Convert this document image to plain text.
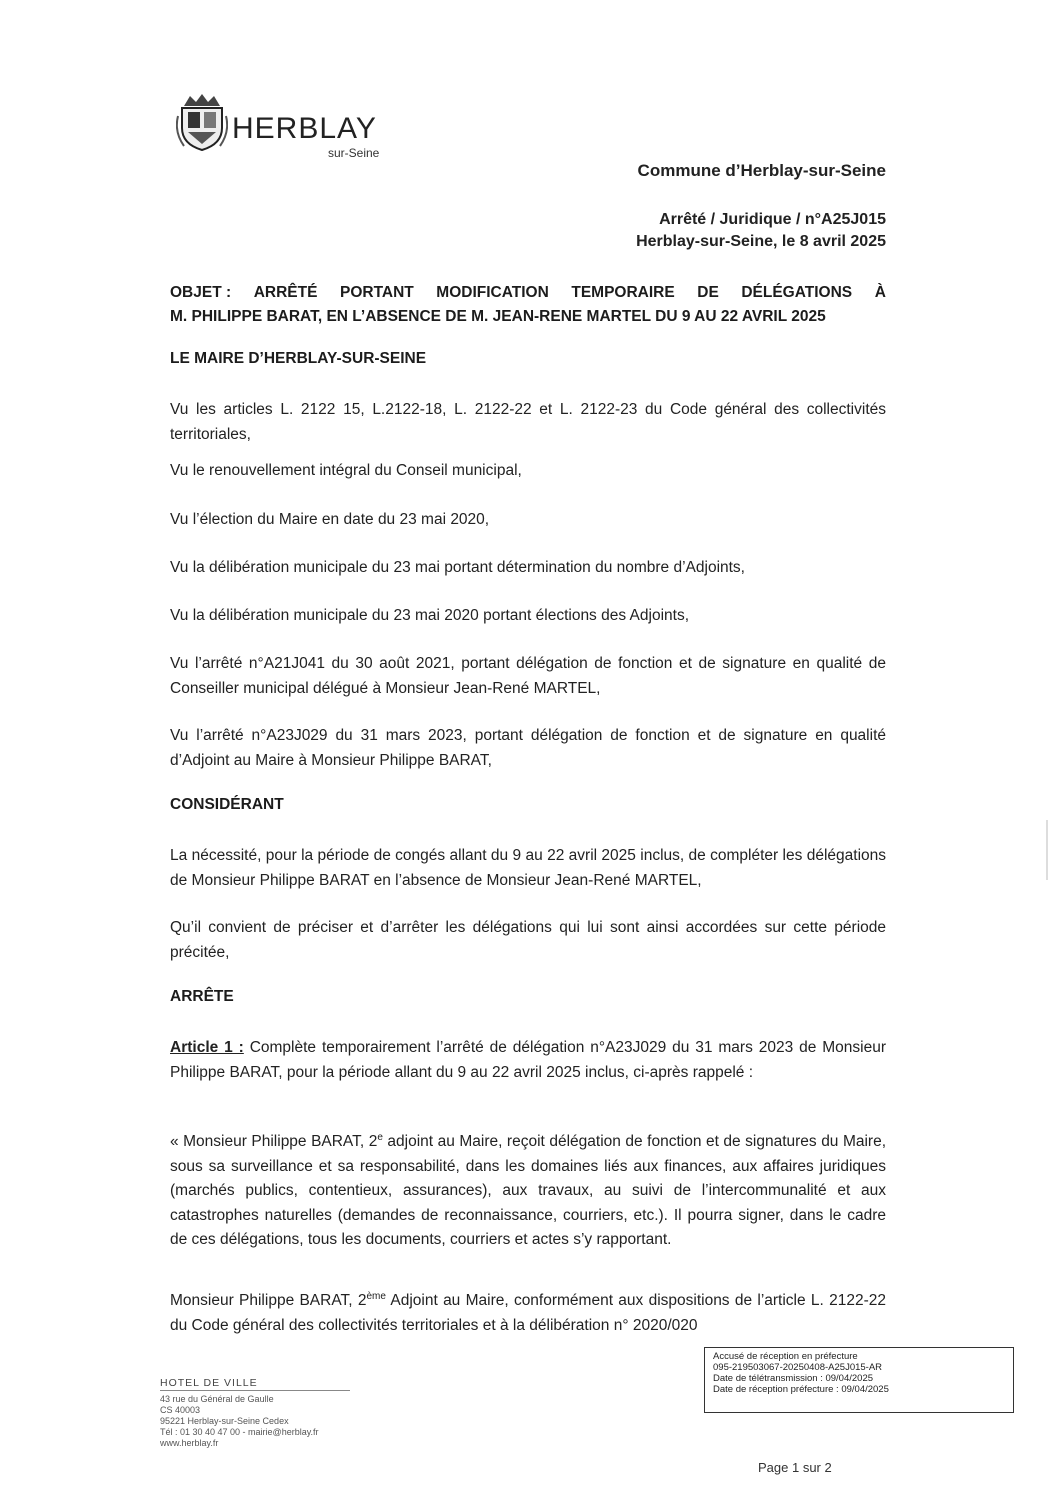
HERBLAY
sur-Seine
Commune d’Herblay-sur-Seine
Arrêté / Juridique / n°A25J015
Herblay-sur-Seine, le 8 avril 2025
OBJET : ARRÊTÉ PORTANT MODIFICATION TEMPORAIRE DE DÉLÉGATIONS À
M. PHILIPPE BARAT, EN L’ABSENCE DE M. JEAN-RENE MARTEL DU 9 AU 22 AVRIL 2025
LE MAIRE D’HERBLAY-SUR-SEINE
Vu les articles L. 2122 15, L.2122-18, L. 2122-22 et L. 2122-23 du Code général des collectivités territoriales,
Vu le renouvellement intégral du Conseil municipal,
Vu l’élection du Maire en date du 23 mai 2020,
Vu la délibération municipale du 23 mai portant détermination du nombre d’Adjoints,
Vu la délibération municipale du 23 mai 2020 portant élections des Adjoints,
Vu l’arrêté n°A21J041 du 30 août 2021, portant délégation de fonction et de signature en qualité de Conseiller municipal délégué à Monsieur Jean-René MARTEL,
Vu l’arrêté n°A23J029 du 31 mars 2023, portant délégation de fonction et de signature en qualité d’Adjoint au Maire à Monsieur Philippe BARAT,
CONSIDÉRANT
La nécessité, pour la période de congés allant du 9 au 22 avril 2025 inclus, de compléter les délégations de Monsieur Philippe BARAT en l’absence de Monsieur Jean-René MARTEL,
Qu’il convient de préciser et d’arrêter les délégations qui lui sont ainsi accordées sur cette période précitée,
ARRÊTE
Article 1 : Complète temporairement l’arrêté de délégation n°A23J029 du 31 mars 2023 de Monsieur Philippe BARAT, pour la période allant du 9 au 22 avril 2025 inclus, ci-après rappelé :
« Monsieur Philippe BARAT, 2e adjoint au Maire, reçoit délégation de fonction et de signatures du Maire, sous sa surveillance et sa responsabilité, dans les domaines liés aux finances, aux affaires juridiques (marchés publics, contentieux, assurances), aux travaux, au suivi de l’intercommunalité et aux catastrophes naturelles (demandes de reconnaissance, courriers, etc.). Il pourra signer, dans le cadre de ces délégations, tous les documents, courriers et actes s’y rapportant.
Monsieur Philippe BARAT, 2ème Adjoint au Maire, conformément aux dispositions de l’article L. 2122-22 du Code général des collectivités territoriales et à la délibération n° 2020/020
HOTEL DE VILLE
43 rue du Général de Gaulle
CS 40003
95221 Herblay-sur-Seine Cedex
Tél : 01 30 40 47 00 - mairie@herblay.fr
www.herblay.fr
Accusé de réception en préfecture
095-219503067-20250408-A25J015-AR
Date de télétransmission : 09/04/2025
Date de réception préfecture : 09/04/2025
Page 1 sur 2
